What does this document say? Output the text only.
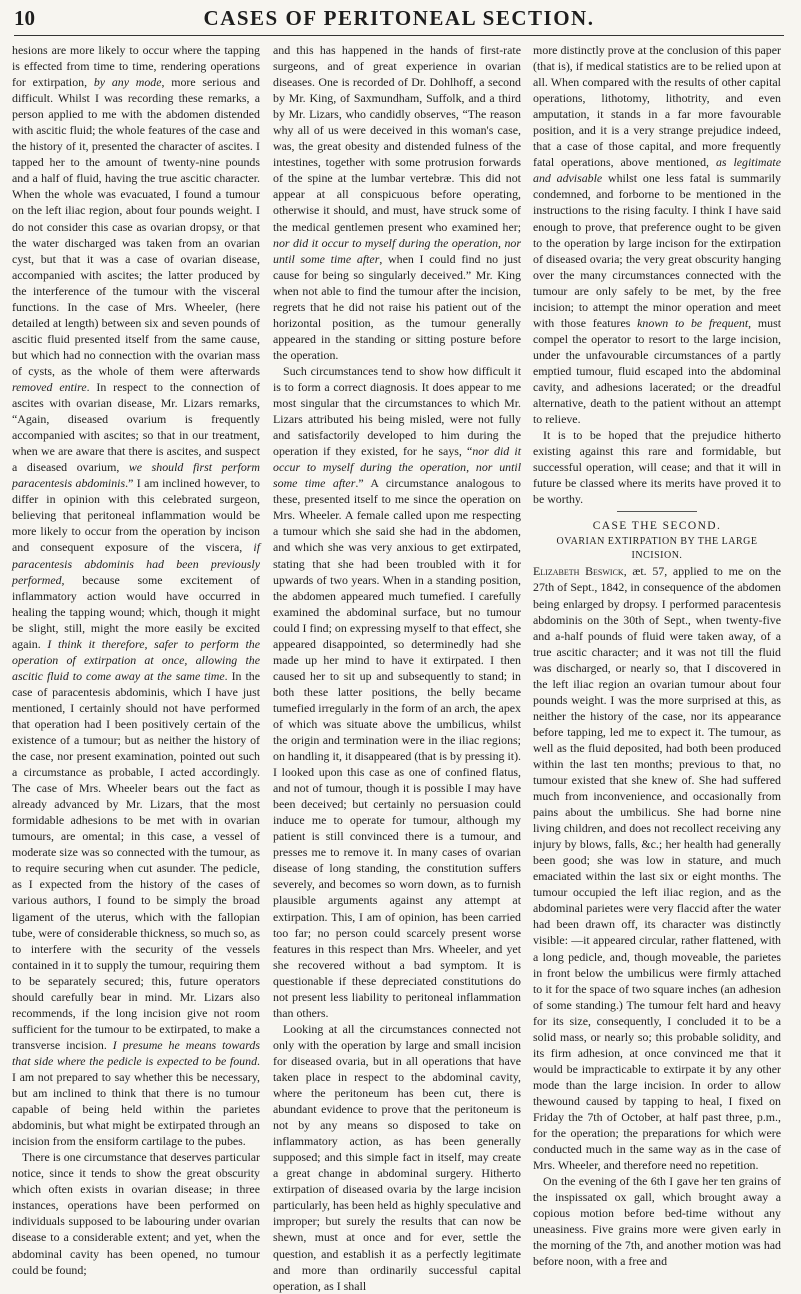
10	CASES OF PERITONEAL SECTION.

hesions are more likely to occur where the tapping is effected from time to time, rendering operations for extirpation, by any mode, more serious and difficult. Whilst I was recording these remarks, a person applied to me with the abdomen distended with ascitic fluid; the whole features of the case and the history of it, presented the character of ascites. I tapped her to the amount of twenty-nine pounds and a half of fluid, having the true ascitic character. When the whole was evacuated, I found a tumour on the left iliac region, about four pounds weight. I do not consider this case as ovarian dropsy, or that the water discharged was taken from an ovarian cyst, but that it was a case of ovarian disease, accompanied with ascites; the latter produced by the interference of the tumour with the visceral functions. In the case of Mrs. Wheeler, (here detailed at length) between six and seven pounds of ascitic fluid presented itself from the same cause, but which had no connection with the ovarian mass of cysts, as the whole of them were afterwards removed entire. In respect to the connection of ascites with ovarian disease, Mr. Lizars remarks, “Again, diseased ovarium is frequently accompanied with ascites; so that in our treatment, when we are aware that there is ascites, and suspect a diseased ovarium, we should first perform paracentesis abdominis.” I am inclined however, to differ in opinion with this celebrated surgeon, believing that peritoneal inflammation would be more likely to occur from the operation by incison and consequent exposure of the viscera, if paracentesis abdominis had been previously performed, because some excitement of inflammatory action would have occurred in healing the tapping wound; which, though it might be slight, still, might the more easily be excited again. I think it therefore, safer to perform the operation of extirpation at once, allowing the ascitic fluid to come away at the same time. In the case of paracentesis abdominis, which I have just mentioned, I certainly should not have performed that operation had I been positively certain of the existence of a tumour; but as neither the history of the case, nor present examination, pointed out such a circumstance as probable, I acted accordingly. The case of Mrs. Wheeler bears out the fact as already advanced by Mr. Lizars, that the most formidable adhesions to be met with in ovarian tumours, are omental; in this case, a vessel of moderate size was so connected with the tumour, as to require securing when cut asunder. The pedicle, as I expected from the history of the cases of various authors, I found to be simply the broad ligament of the uterus, which with the fallopian tube, were of considerable thickness, so much so, as to interfere with the security of the vessels contained in it to supply the tumour, requiring them to be separately secured; this, future operators should carefully bear in mind. Mr. Lizars also recommends, if the long incision give not room sufficient for the tumour to be extirpated, to make a transverse incision. I presume he means towards that side where the pedicle is expected to be found. I am not prepared to say whether this be necessary, but am inclined to think that there is no tumour capable of being held within the parietes abdominis, but what might be extirpated through an incision from the ensiform cartilage to the pubes.

There is one circumstance that deserves particular notice, since it tends to show the great obscurity which often exists in ovarian disease; in three instances, operations have been performed on individuals supposed to be labouring under ovarian disease to a considerable extent; and yet, when the abdominal cavity has been opened, no tumour could be found;

and this has happened in the hands of first-rate surgeons, and of great experience in ovarian diseases. One is recorded of Dr. Dohlhoff, a second by Mr. King, of Saxmundham, Suffolk, and a third by Mr. Lizars, who candidly observes, “The reason why all of us were deceived in this woman's case, was, the great obesity and distended fulness of the intestines, together with some protrusion forwards of the spine at the lumbar vertebræ. This did not appear at all conspicuous before operating, otherwise it should, and must, have struck some of the medical gentlemen present who examined her; nor did it occur to myself during the operation, nor until some time after, when I could find no just cause for being so singularly deceived.” Mr. King when not able to find the tumour after the incision, regrets that he did not raise his patient out of the horizontal position, as the tumour generally appeared in the standing or sitting posture before the operation.

Such circumstances tend to show how difficult it is to form a correct diagnosis. It does appear to me most singular that the circumstances to which Mr. Lizars attributed his being misled, were not fully and satisfactorily developed to him during the operation if they existed, for he says, “nor did it occur to myself during the operation, nor until some time after.” A circumstance analogous to these, presented itself to me since the operation on Mrs. Wheeler. A female called upon me respecting a tumour which she said she had in the abdomen, and which she was very anxious to get extirpated, stating that she had been troubled with it for upwards of two years. When in a standing position, the abdomen appeared much tumefied. I carefully examined the abdominal surface, but no tumour could I find; on expressing myself to that effect, she appeared disappointed, so determinedly had she made up her mind to have it extirpated. I then caused her to sit up and subsequently to stand; in both these latter positions, the belly became tumefied irregularly in the form of an arch, the apex of which was situate above the umbilicus, whilst the origin and termination were in the iliac regions; on handling it, it disappeared (that is by pressing it). I looked upon this case as one of confined flatus, and not of tumour, though it is possible I may have been deceived; but certainly no persuasion could induce me to operate for tumour, although my patient is still convinced there is a tumour, and presses me to remove it. In many cases of ovarian disease of long standing, the constitution suffers severely, and becomes so worn down, as to furnish plausible arguments against any attempt at extirpation. This, I am of opinion, has been carried too far; no person could scarcely present worse features in this respect than Mrs. Wheeler, and yet she recovered without a bad symptom. It is questionable if these depreciated constitutions do not present less liability to peritoneal inflammation than others.

Looking at all the circumstances connected not only with the operation by large and small incision for diseased ovaria, but in all operations that have taken place in respect to the abdominal cavity, where the peritoneum has been cut, there is abundant evidence to prove that the peritoneum is not by any means so disposed to take on inflammatory action, as has been generally supposed; and this simple fact in itself, may create a great change in abdominal surgery. Hitherto extirpation of diseased ovaria by the large incision particularly, has been held as highly speculative and improper; but surely the results that can now be shewn, must at once and for ever, settle the question, and establish it as a perfectly legitimate and more than ordinarily successful capital operation, as I shall

more distinctly prove at the conclusion of this paper (that is), if medical statistics are to be relied upon at all. When compared with the results of other capital operations, lithotomy, lithotrity, and even amputation, it stands in a far more favourable position, and it is a very strange prejudice indeed, that a case of those capital, and more frequently fatal operations, above mentioned, as legitimate and advisable whilst one less fatal is summarily condemned, and forborne to be mentioned in the instructions to the rising faculty. I think I have said enough to prove, that preference ought to be given to the operation by large incison for the extirpation of diseased ovaria; the very great obscurity hanging over the many circumstances connected with the tumour are only safely to be met, by the free incision; to attempt the minor operation and meet with those features known to be frequent, must compel the operator to resort to the large incision, under the unfavourable circumstances of a partly emptied tumour, fluid escaped into the abdominal cavity, and adhesions lacerated; or the dreadful alternative, death to the patient without an attempt to relieve.

It is to be hoped that the prejudice hitherto existing against this rare and formidable, but successful operation, will cease; and that it will in future be classed where its merits have proved it to be worthy.

CASE THE SECOND.
OVARIAN EXTIRPATION BY THE LARGE INCISION.

Elizabeth Beswick, æt. 57, applied to me on the 27th of Sept., 1842, in consequence of the abdomen being enlarged by dropsy. I performed paracentesis abdominis on the 30th of Sept., when twenty-five and a-half pounds of fluid were taken away, of a true ascitic character; and it was not till the fluid was discharged, or nearly so, that I discovered in the left iliac region an ovarian tumour about four pounds weight. I was the more surprised at this, as neither the history of the case, nor its appearance before tapping, led me to expect it. The tumour, as well as the fluid deposited, had both been produced within the last ten months; previous to that, no tumour existed that she knew of. She had suffered much from inconvenience, and occasionally from pains about the umbilicus. She had borne nine living children, and does not recollect receiving any injury by blows, falls, &c.; her health had generally been good; she was low in stature, and much emaciated within the last six or eight months. The tumour occupied the left iliac region, and as the abdominal parietes were very flaccid after the water had been drawn off, its character was distinctly visible: —it appeared circular, rather flattened, with a long pedicle, and, though moveable, the parietes in front below the umbilicus were firmly attached to it for the space of two square inches (an adhesion of some standing.) The tumour felt hard and heavy for its size, consequently, I concluded it to be a solid mass, or nearly so; this probable solidity, and its firm adhesion, at once convinced me that it would be impracticable to extirpate it by any other mode than the large incision. In order to allow thewound caused by tapping to heal, I fixed on Friday the 7th of October, at half past three, p.m., for the operation; the preparations for which were conducted much in the same way as in the case of Mrs. Wheeler, and therefore need no repetition.

On the evening of the 6th I gave her ten grains of the inspissated ox gall, which brought away a copious motion before bed-time without any uneasiness. Five grains more were given early in the morning of the 7th, and another motion was had before noon, with a free and
